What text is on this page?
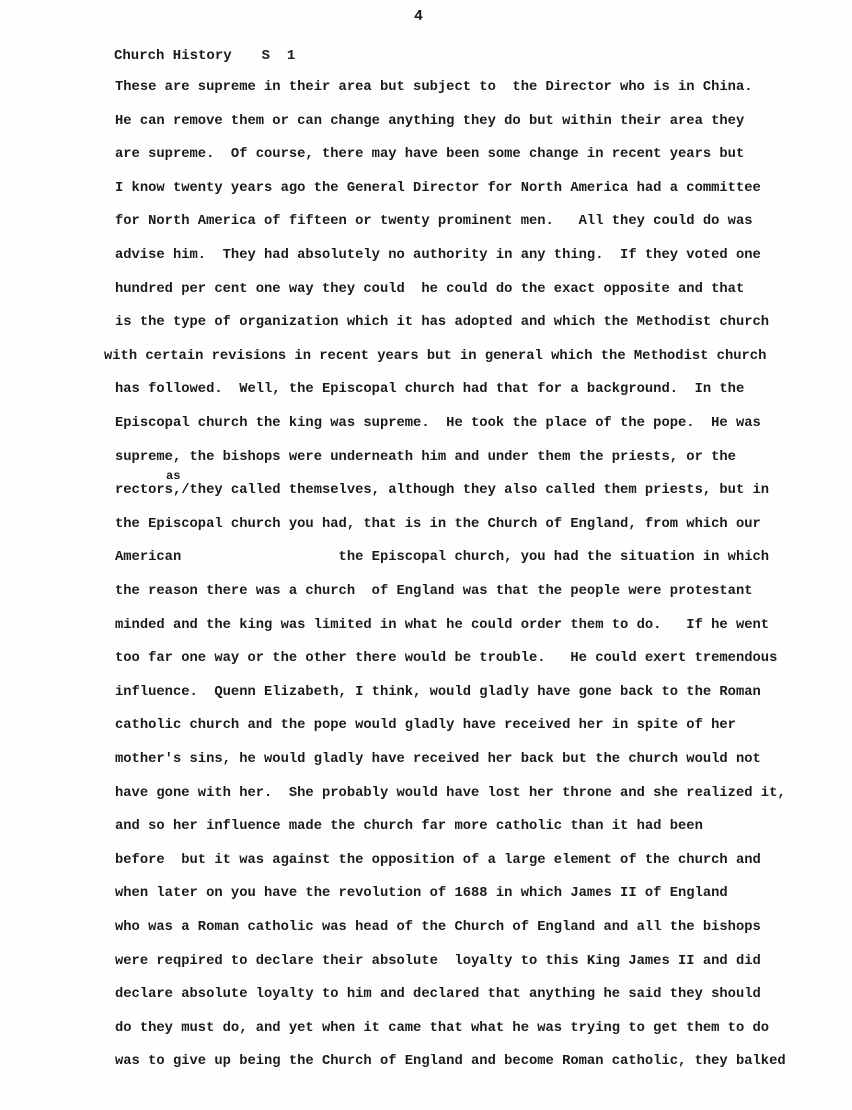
4
Church History S  1
as
These are supreme in their area but subject to  the Director who is in China.
He can remove them or can change anything they do but within their area they
are supreme.  Of course, there may have been some change in recent years but
I know twenty years ago the General Director for North America had a committee
for North America of fifteen or twenty prominent men.   All they could do was
advise him.  They had absolutely no authority in any thing.  If they voted one
hundred per cent one way they could  he could do the exact opposite and that
is the type of organization which it has adopted and which the Methodist church
with certain revisions in recent years but in general which the Methodist church
has followed.  Well, the Episcopal church had that for a background.  In the
Episcopal church the king was supreme.  He took the place of the pope.  He was
supreme, the bishops were underneath him and under them the priests, or the
rectors,/they called themselves, although they also called them priests, but in
the Episcopal church you had, that is in the Church of England, from which our
American                   the Episcopal church, you had the situation in which
the reason there was a church  of England was that the people were protestant
minded and the king was limited in what he could order them to do.   If he went
too far one way or the other there would be trouble.   He could exert tremendous
influence.  Quenn Elizabeth, I think, would gladly have gone back to the Roman
catholic church and the pope would gladly have received her in spite of her
mother's sins, he would gladly have received her back but the church would not
have gone with her.  She probably would have lost her throne and she realized it,
and so her influence made the church far more catholic than it had been
before  but it was against the opposition of a large element of the church and
when later on you have the revolution of 1688 in which James II of England
who was a Roman catholic was head of the Church of England and all the bishops
were reqpired to declare their absolute  loyalty to this King James II and did
declare absolute loyalty to him and declared that anything he said they should
do they must do, and yet when it came that what he was trying to get them to do
was to give up being the Church of England and become Roman catholic, they balked
